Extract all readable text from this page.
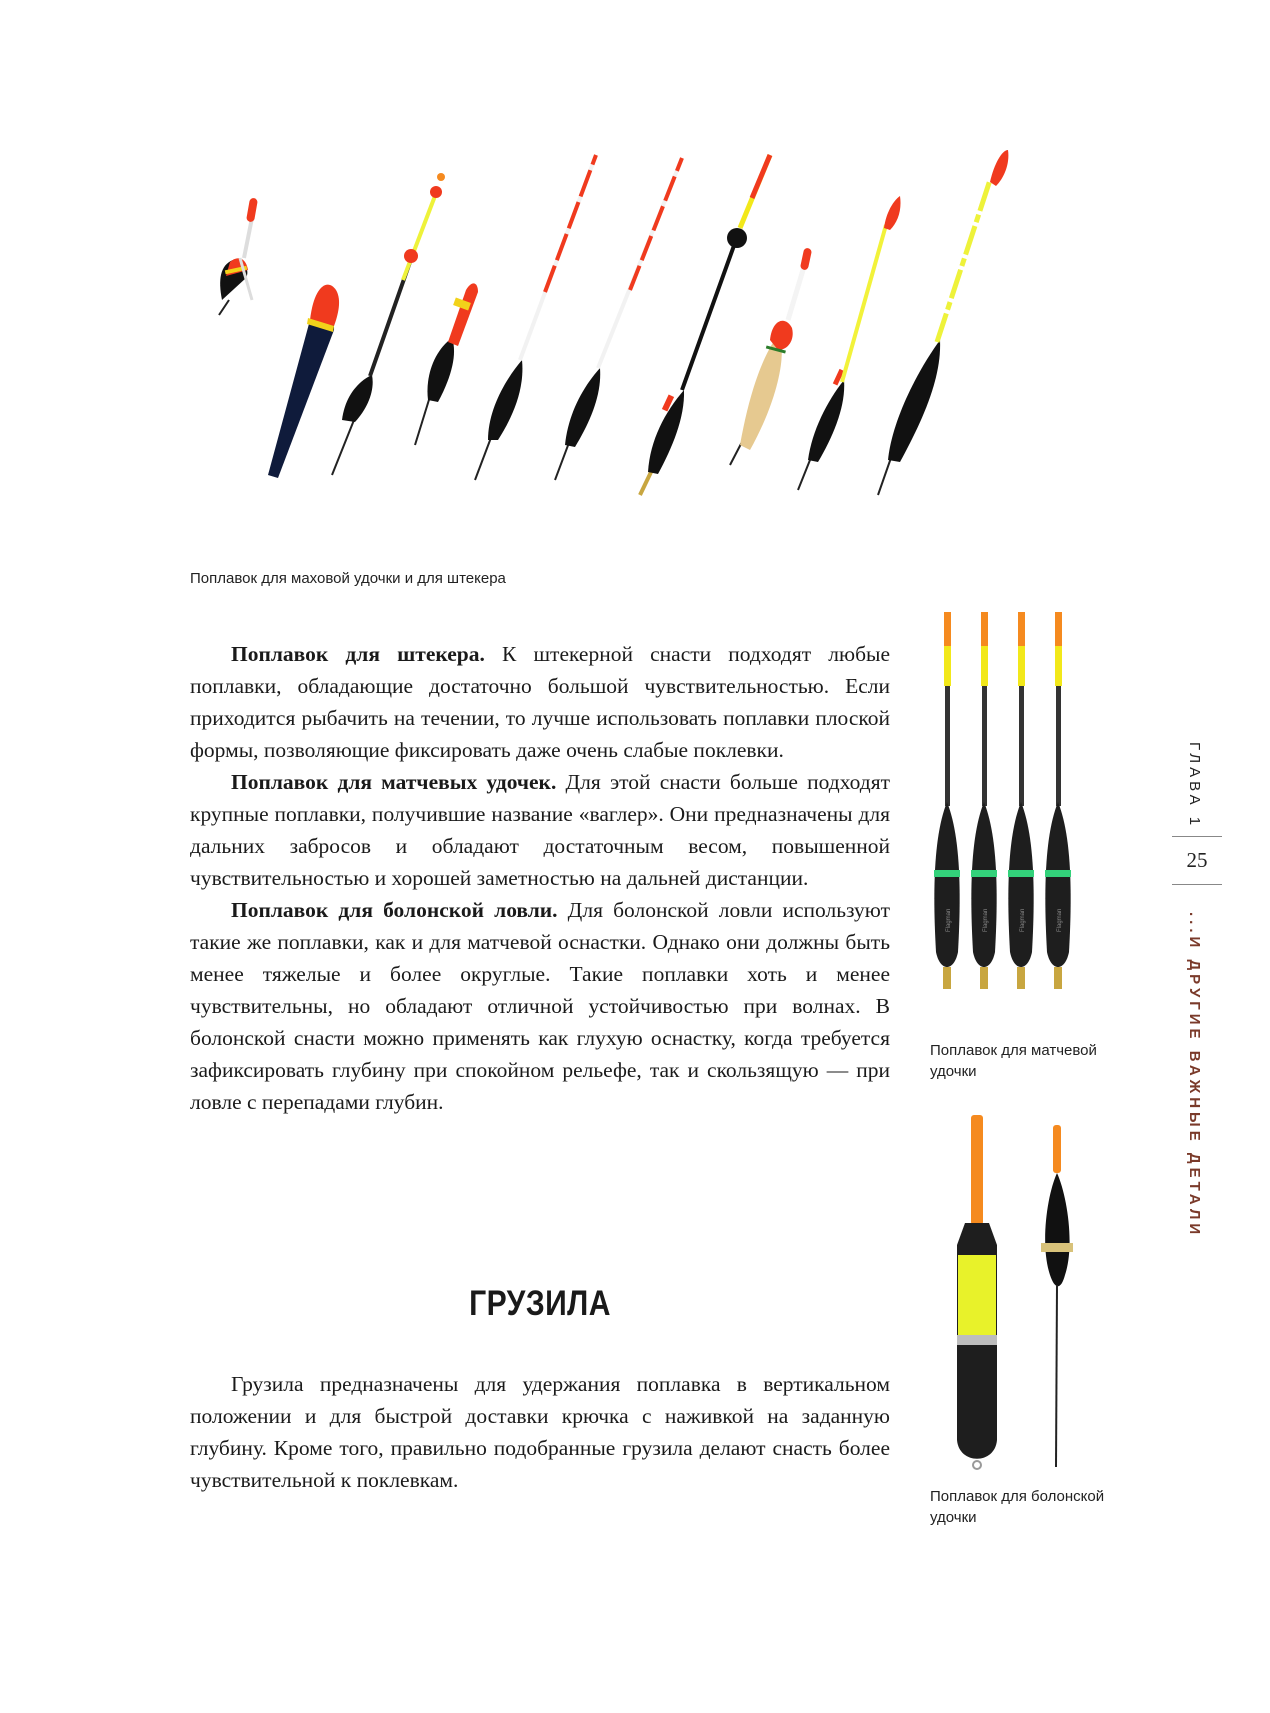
Поплавок для маховой удочки и для штекера

Поплавок для штекера. К штекерной снасти подходят любые поплавки, обладающие достаточно большой чувствительностью. Если приходится рыбачить на течении, то лучше использовать поплавки плоской формы, позволяющие фиксировать даже очень слабые поклевки.

Поплавок для матчевых удочек. Для этой снасти больше подходят крупные поплавки, получившие название «ваглер». Они предназначены для дальних забросов и обладают достаточным весом, повышенной чувствительностью и хорошей заметностью на дальней дистанции.

Поплавок для болонской ловли. Для болонской ловли используют такие же поплавки, как и для матчевой оснастки. Однако они должны быть менее тяжелые и более округлые. Такие поплавки хоть и менее чувствительны, но обладают отличной устойчивостью при волнах. В болонской снасти можно применять как глухую оснастку, когда требуется зафиксировать глубину при спокойном рельефе, так и скользящую — при ловле с перепадами глубин.

ГРУЗИЛА

Грузила предназначены для удержания поплавка в вертикальном положении и для быстрой доставки крючка с наживкой на заданную глубину. Кроме того, правильно подобранные грузила делают снасть более чувствительной к поклевкам.

Flagman
Поплавок для матчевой
удочки
Поплавок для болонской
удочки
ГЛАВА 1
25
...И ДРУГИЕ ВАЖНЫЕ ДЕТАЛИ
